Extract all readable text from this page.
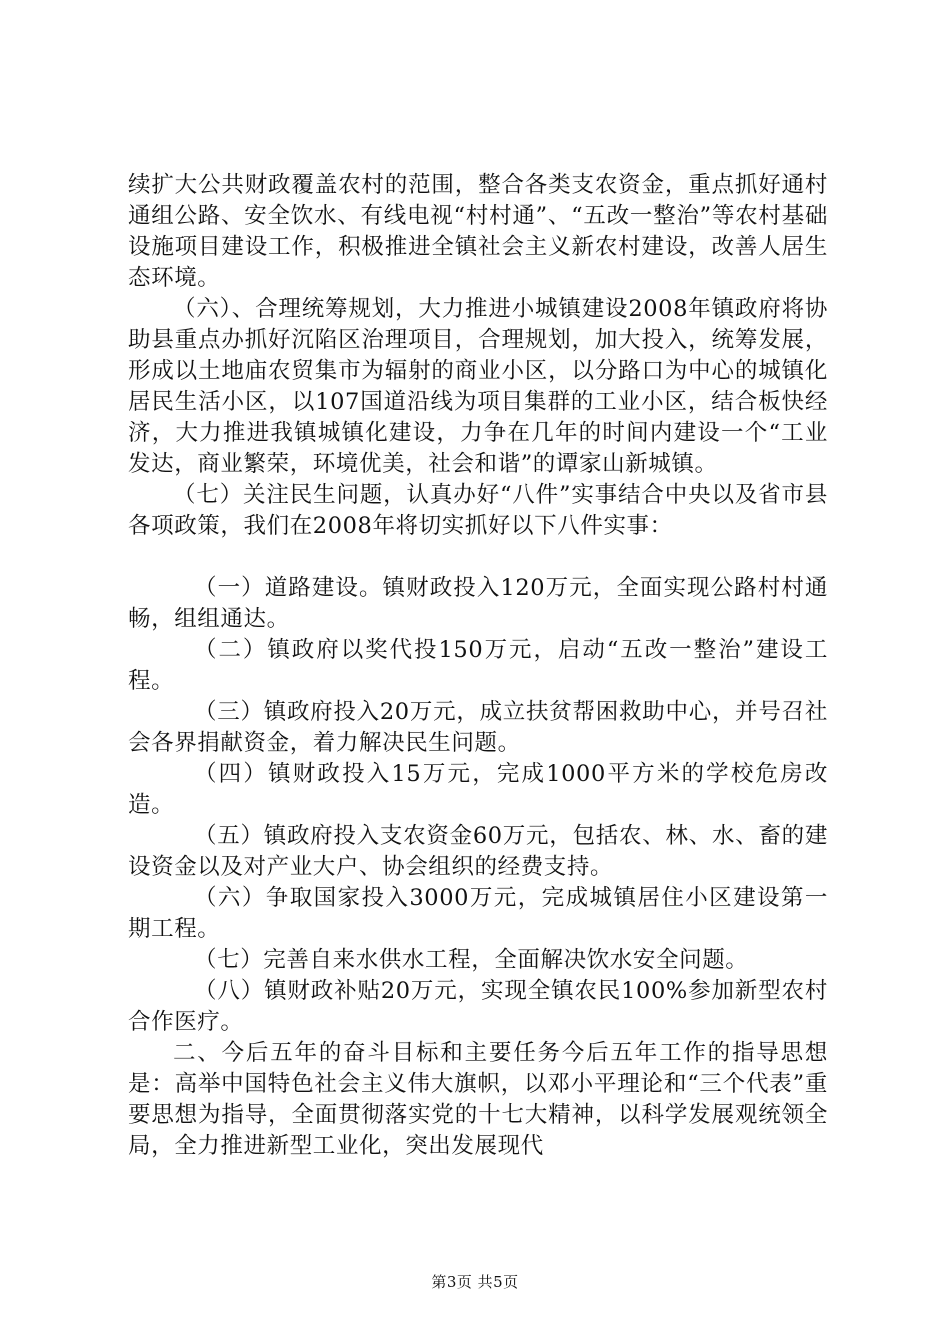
续扩大公共财政覆盖农村的范围，整合各类支农资金，重点抓好通村通组公路、安全饮水、有线电视“村村通”、“五改一整治”等农村基础设施项目建设工作，积极推进全镇社会主义新农村建设，改善人居生态环境。

（六）、合理统筹规划，大力推进小城镇建设2008年镇政府将协助县重点办抓好沉陷区治理项目，合理规划，加大投入，统筹发展，形成以土地庙农贸集市为辐射的商业小区，以分路口为中心的城镇化居民生活小区，以107国道沿线为项目集群的工业小区，结合板快经济，大力推进我镇城镇化建设，力争在几年的时间内建设一个“工业发达，商业繁荣，环境优美，社会和谐”的谭家山新城镇。

（七）关注民生问题，认真办好“八件”实事结合中央以及省市县各项政策，我们在2008年将切实抓好以下八件实事：

（一）道路建设。镇财政投入120万元，全面实现公路村村通畅，组组通达。

（二）镇政府以奖代投150万元，启动“五改一整治”建设工程。

（三）镇政府投入20万元，成立扶贫帮困救助中心，并号召社会各界捐献资金，着力解决民生问题。

（四）镇财政投入15万元，完成1000平方米的学校危房改造。

（五）镇政府投入支农资金60万元，包括农、林、水、畜的建设资金以及对产业大户、协会组织的经费支持。

（六）争取国家投入3000万元，完成城镇居住小区建设第一期工程。

（七）完善自来水供水工程，全面解决饮水安全问题。

（八）镇财政补贴20万元，实现全镇农民100%参加新型农村合作医疗。

二、今后五年的奋斗目标和主要任务今后五年工作的指导思想是：高举中国特色社会主义伟大旗帜，以邓小平理论和“三个代表”重要思想为指导，全面贯彻落实党的十七大精神，以科学发展观统领全局，全力推进新型工业化，突出发展现代

第3页 共5页
